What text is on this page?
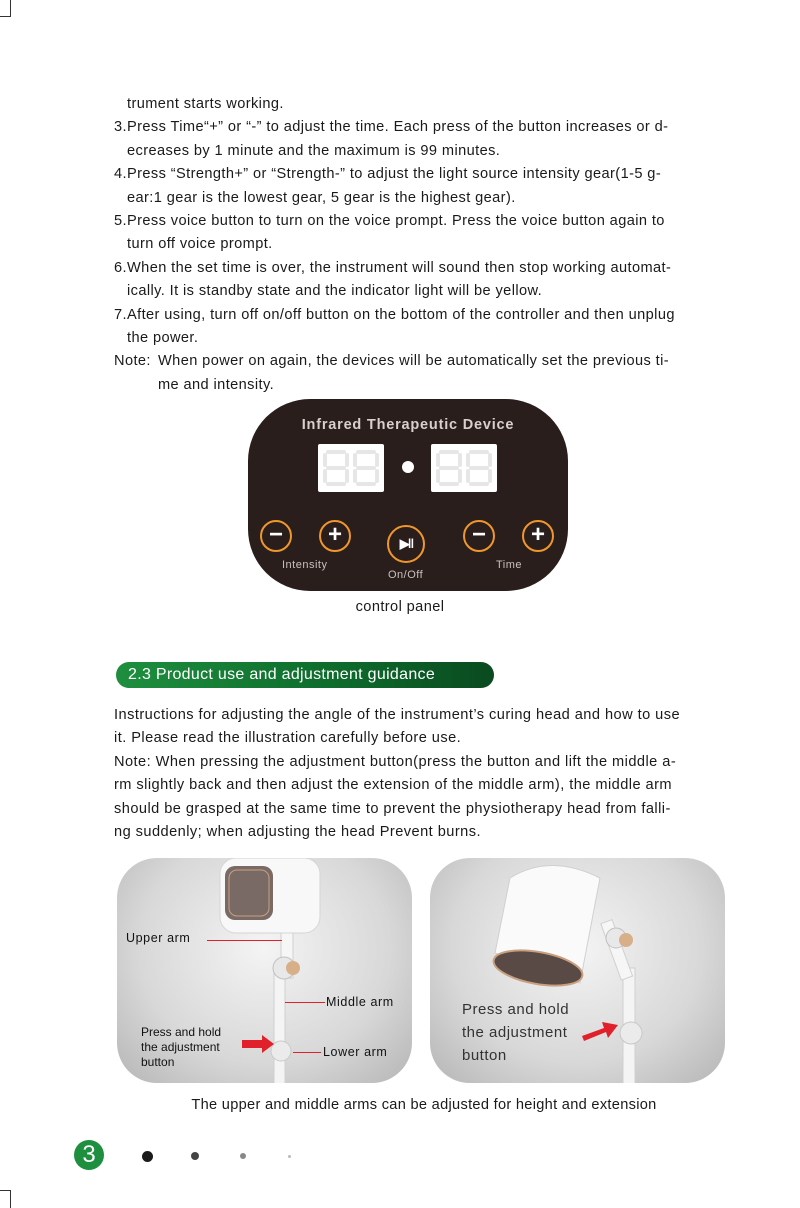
trument starts working.
3. Press Time“+” or “-” to adjust the time. Each press of the button increases or d-
ecreases by 1 minute and the maximum is 99 minutes.
4. Press “Strength+” or “Strength-” to adjust the light source intensity gear(1-5 g-
ear:1 gear is the lowest gear, 5 gear is the highest gear).
5. Press voice button to turn on the voice prompt. Press the voice button again to
turn off voice prompt.
6. When the set time is over, the instrument will sound then stop working automat-
ically. It is standby state and the indicator light will be yellow.
7. After using, turn off on/off button on the bottom of the controller and then unplug
the power.
Note: When power on again, the devices will be automatically set the previous ti-
me and intensity.
Infrared Therapeutic Device
−	+	▶‖	−	+
Intensity
On/Off
Time
control panel
2.3 Product use and adjustment guidance
Instructions for adjusting the angle of the instrument’s curing head and how to use
it. Please read the illustration carefully before use.
Note: When pressing the adjustment button(press the button and lift the middle a-
rm slightly back and then adjust the extension of the middle arm), the middle arm
should be grasped at the same time to prevent the physiotherapy head from falli-
ng suddenly; when adjusting the head Prevent burns.
Upper arm
Middle arm
Lower arm
Press and hold
the adjustment
button
Press and hold
the adjustment
button
The upper and middle arms can be adjusted for height and extension
3
